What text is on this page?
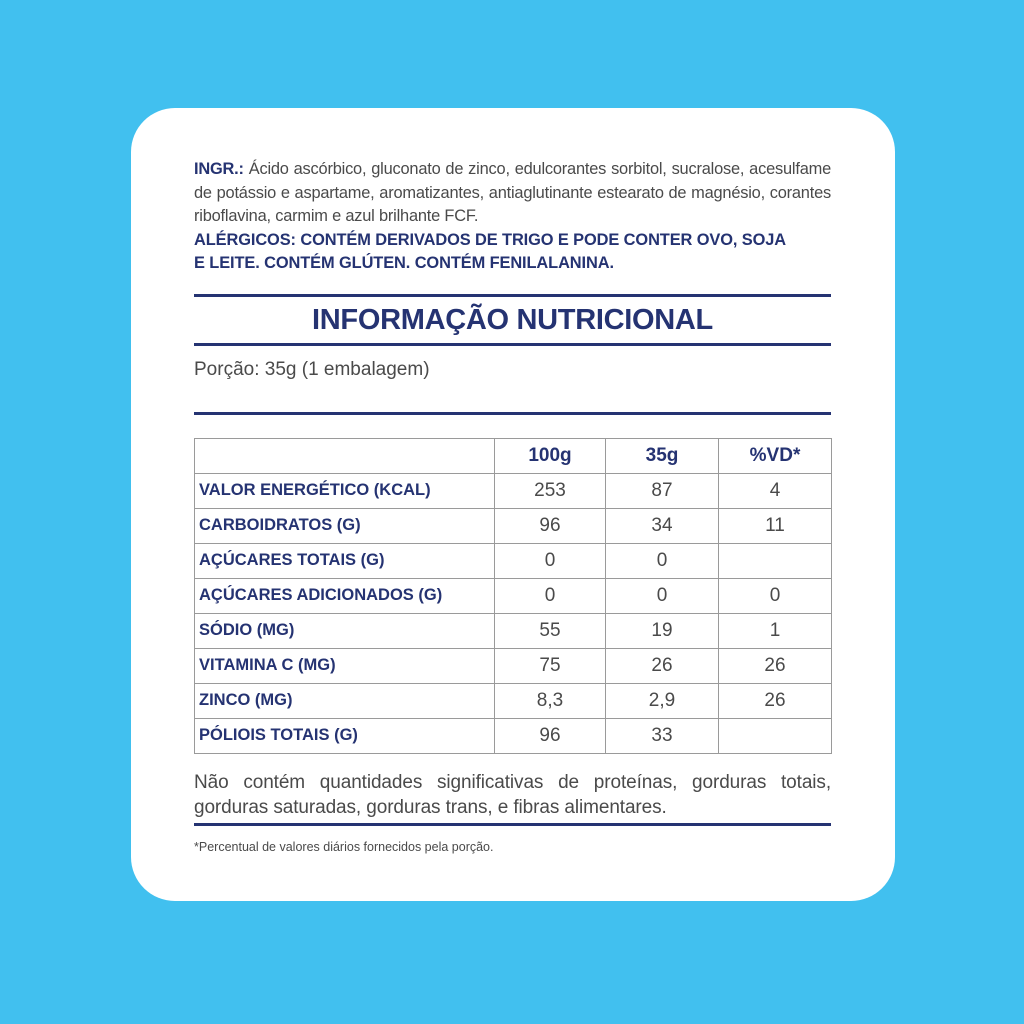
INGR.: Ácido ascórbico, gluconato de zinco, edulcorantes sorbitol, sucralose, acesulfame de potássio e aspartame, aromatizantes, antiaglutinante estearato de magnésio, corantes riboflavina, carmim e azul brilhante FCF.
ALÉRGICOS: CONTÉM DERIVADOS DE TRIGO E PODE CONTER OVO, SOJA
E LEITE. CONTÉM GLÚTEN. CONTÉM FENILALANINA.
INFORMAÇÃO NUTRICIONAL
Porção: 35g (1 embalagem)
	100g	35g	%VD*
VALOR ENERGÉTICO (KCAL)	253	87	4
CARBOIDRATOS (G)	96	34	11
AÇÚCARES TOTAIS (G)	0	0	
AÇÚCARES ADICIONADOS (G)	0	0	0
SÓDIO (MG)	55	19	1
VITAMINA C (MG)	75	26	26
ZINCO (MG)	8,3	2,9	26
PÓLIOIS TOTAIS (G)	96	33	
Não contém quantidades significativas de proteínas, gorduras totais, gorduras saturadas, gorduras trans, e fibras alimentares.
*Percentual de valores diários fornecidos pela porção.
